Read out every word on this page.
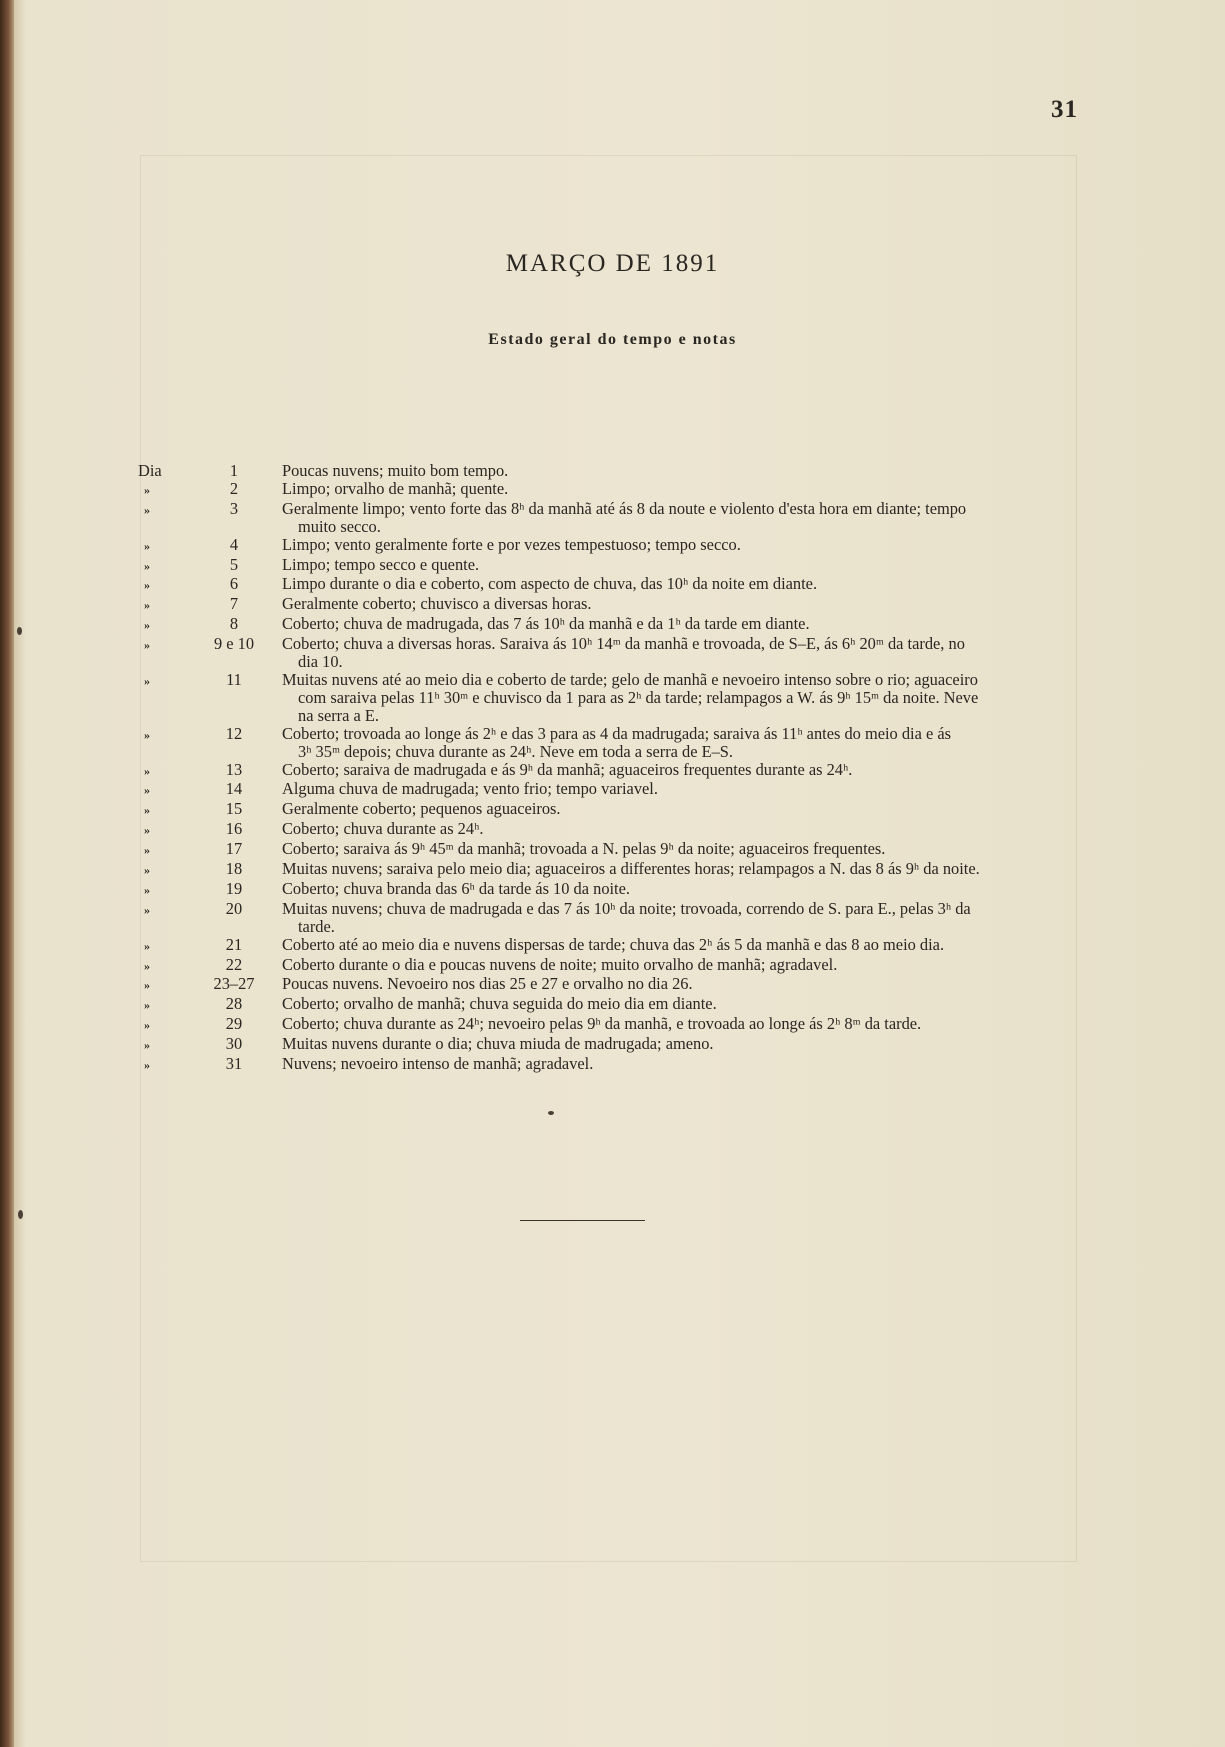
31
MARÇO DE 1891
Estado geral do tempo e notas
Dia	1	Poucas nuvens; muito bom tempo.
»	2	Limpo; orvalho de manhã; quente.
»	3	Geralmente limpo; vento forte das 8ʰ da manhã até ás 8 da noute e violento d'esta hora em diante; tempo
muito secco.
»	4	Limpo; vento geralmente forte e por vezes tempestuoso; tempo secco.
»	5	Limpo; tempo secco e quente.
»	6	Limpo durante o dia e coberto, com aspecto de chuva, das 10ʰ da noite em diante.
»	7	Geralmente coberto; chuvisco a diversas horas.
»	8	Coberto; chuva de madrugada, das 7 ás 10ʰ da manhã e da 1ʰ da tarde em diante.
»	9 e 10	Coberto; chuva a diversas horas. Saraiva ás 10ʰ 14ᵐ da manhã e trovoada, de S–E, ás 6ʰ 20ᵐ da tarde, no
dia 10.
»	11	Muitas nuvens até ao meio dia e coberto de tarde; gelo de manhã e nevoeiro intenso sobre o rio; aguaceiro
com saraiva pelas 11ʰ 30ᵐ e chuvisco da 1 para as 2ʰ da tarde; relampagos a W. ás 9ʰ 15ᵐ da noite. Neve
na serra a E.
»	12	Coberto; trovoada ao longe ás 2ʰ e das 3 para as 4 da madrugada; saraiva ás 11ʰ antes do meio dia e ás
3ʰ 35ᵐ depois; chuva durante as 24ʰ. Neve em toda a serra de E–S.
»	13	Coberto; saraiva de madrugada e ás 9ʰ da manhã; aguaceiros frequentes durante as 24ʰ.
»	14	Alguma chuva de madrugada; vento frio; tempo variavel.
»	15	Geralmente coberto; pequenos aguaceiros.
»	16	Coberto; chuva durante as 24ʰ.
»	17	Coberto; saraiva ás 9ʰ 45ᵐ da manhã; trovoada a N. pelas 9ʰ da noite; aguaceiros frequentes.
»	18	Muitas nuvens; saraiva pelo meio dia; aguaceiros a differentes horas; relampagos a N. das 8 ás 9ʰ da noite.
»	19	Coberto; chuva branda das 6ʰ da tarde ás 10 da noite.
»	20	Muitas nuvens; chuva de madrugada e das 7 ás 10ʰ da noite; trovoada, correndo de S. para E., pelas 3ʰ da
tarde.
»	21	Coberto até ao meio dia e nuvens dispersas de tarde; chuva das 2ʰ ás 5 da manhã e das 8 ao meio dia.
»	22	Coberto durante o dia e poucas nuvens de noite; muito orvalho de manhã; agradavel.
»	23–27	Poucas nuvens. Nevoeiro nos dias 25 e 27 e orvalho no dia 26.
»	28	Coberto; orvalho de manhã; chuva seguida do meio dia em diante.
»	29	Coberto; chuva durante as 24ʰ; nevoeiro pelas 9ʰ da manhã, e trovoada ao longe ás 2ʰ 8ᵐ da tarde.
»	30	Muitas nuvens durante o dia; chuva miuda de madrugada; ameno.
»	31	Nuvens; nevoeiro intenso de manhã; agradavel.
